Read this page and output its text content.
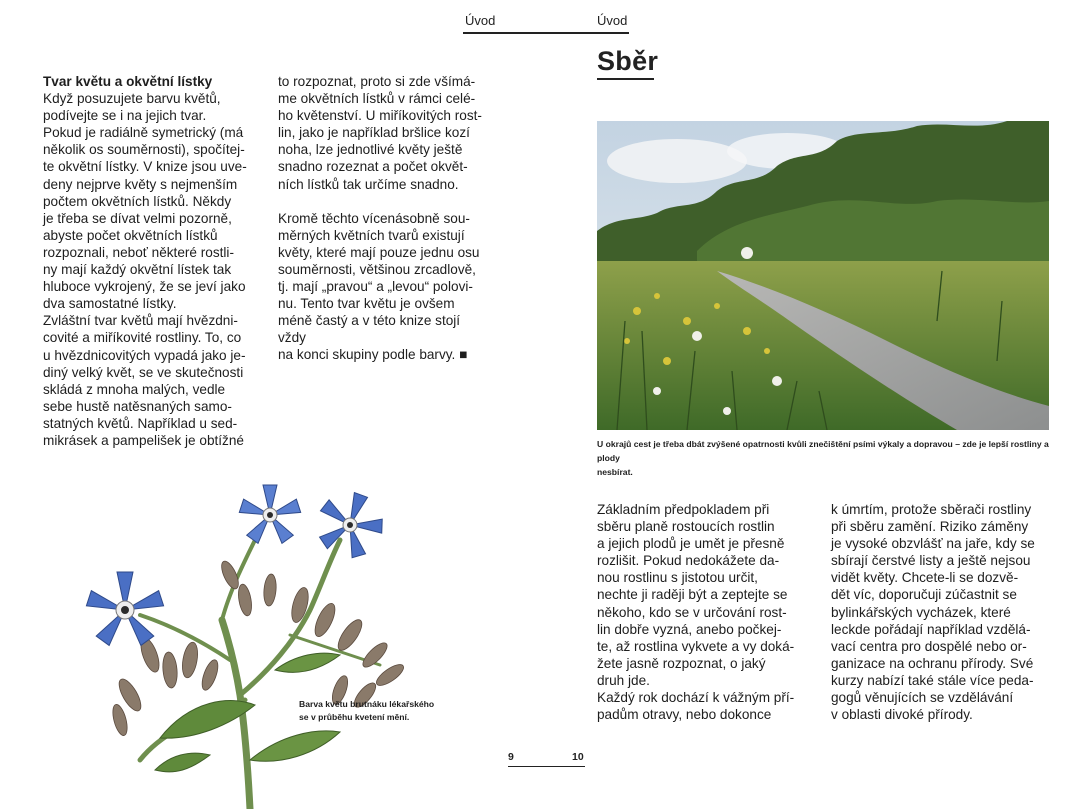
Tvar květu a okvětní lístky

Když posuzujete barvu květů,

podívejte se i na jejich tvar.

Pokud je radiálně symetrický (má

několik os souměrnosti), spočítej-

te okvětní lístky. V knize jsou uve-

deny nejprve květy s nejmenším

počtem okvětních lístků. Někdy

je třeba se dívat velmi pozorně,

abyste počet okvětních lístků

rozpoznali, neboť některé rostli-

ny mají každý okvětní lístek tak

hluboce vykrojený, že se jeví jako

dva samostatné lístky.

Zvláštní tvar květů mají hvězdni-

covité a miříkovité rostliny. To, co

u hvězdnicovitých vypadá jako je-

diný velký květ, se ve skutečnosti

skládá z mnoha malých, vedle

sebe hustě natěsnaných samo-

statných květů. Například u sed-

mikrásek a pampelišek je obtížné

to rozpoznat, proto si zde všímá-

me okvětních lístků v rámci celé-

ho květenství. U miříkovitých rost-

lin, jako je například bršlice kozí

noha, lze jednotlivé květy ještě

snadno rozeznat a počet okvět-

ních lístků tak určíme snadno.

Kromě těchto vícenásobně sou-

měrných květních tvarů existují

květy, které mají pouze jednu osu

souměrnosti, většinou zrcadlově,

tj. mají „pravou“ a „levou“ polovi-

nu. Tento tvar květu je ovšem

méně častý a v této knize stojí vždy

na konci skupiny podle barvy. ■

Barva květu brutnáku lékařského

se v průběhu kvetení mění.

Úvod	Úvod
Sběr

U okrajů cest je třeba dbát zvýšené opatrnosti kvůli znečištění psími výkaly a dopravou – zde je lepší rostliny a plody

nesbírat.

Základním předpokladem při

sběru planě rostoucích rostlin

a jejich plodů je umět je přesně

rozlišit. Pokud nedokážete da-

nou rostlinu s jistotou určit,

nechte ji raději být a zeptejte se

někoho, kdo se v určování rost-

lin dobře vyzná, anebo počkej-

te, až rostlina vykvete a vy doká-

žete jasně rozpoznat, o jaký

druh jde.

Každý rok dochází k vážným pří-

padům otravy, nebo dokonce

k úmrtím, protože sběrači rostliny

při sběru zamění. Riziko záměny

je vysoké obzvlášť na jaře, kdy se

sbírají čerstvé listy a ještě nejsou

vidět květy. Chcete-li se dozvě-

dět víc, doporučuji zúčastnit se

bylinkářských vycházek, které

leckde pořádají například vzdělá-

vací centra pro dospělé nebo or-

ganizace na ochranu přírody. Své

kurzy nabízí také stále více peda-

gogů věnujících se vzdělávání

v oblasti divoké přírody.

9	10
